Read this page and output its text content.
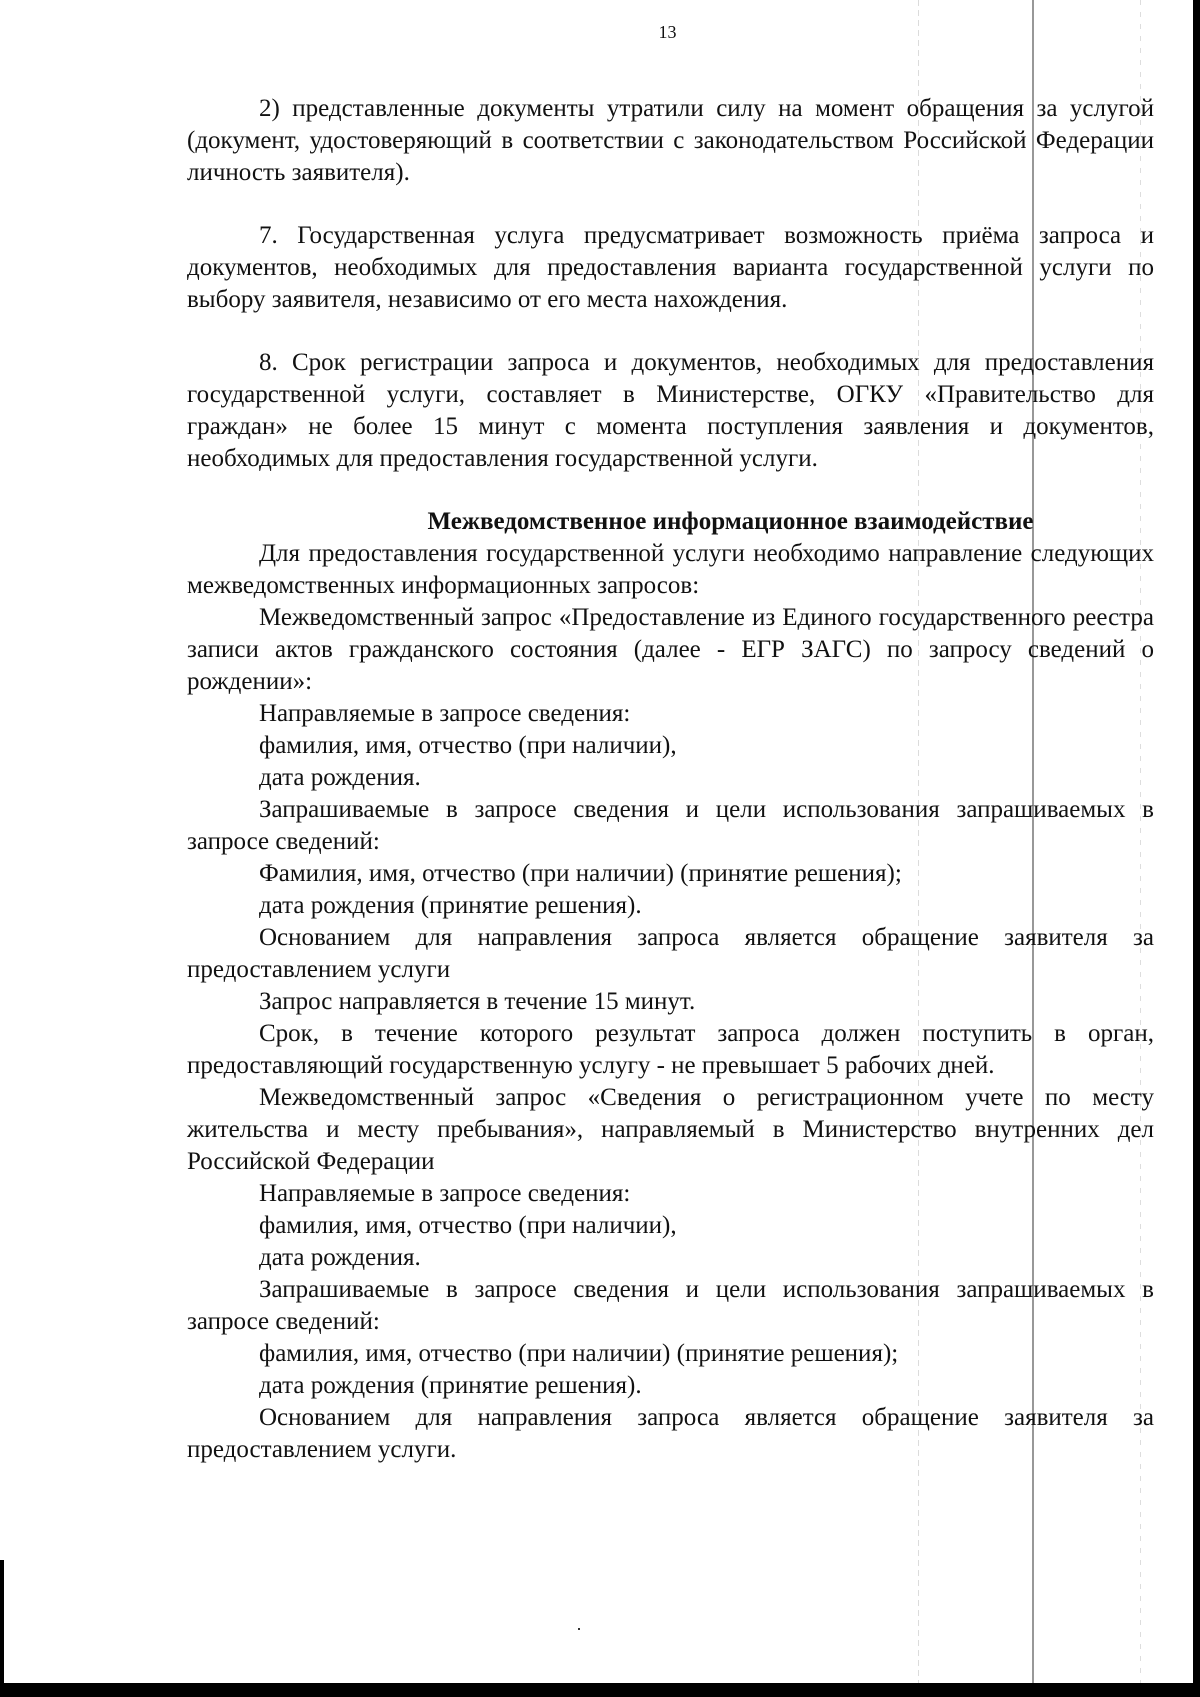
13

2) представленные документы утратили силу на момент обращения за услугой (документ, удостоверяющий в соответствии с законодательством Российской Федерации личность заявителя).

7. Государственная услуга предусматривает возможность приёма запроса и документов, необходимых для предоставления варианта государственной услуги по выбору заявителя, независимо от его места нахождения.

8. Срок регистрации запроса и документов, необходимых для предоставления государственной услуги, составляет в Министерстве, ОГКУ «Правительство для граждан» не более 15 минут с момента поступления заявления и документов, необходимых для предоставления государственной услуги.

Межведомственное информационное взаимодействие

Для предоставления государственной услуги необходимо направление следующих межведомственных информационных запросов:

Межведомственный запрос «Предоставление из Единого государственного реестра записи актов гражданского состояния (далее - ЕГР ЗАГС) по запросу сведений о рождении»:

Направляемые в запросе сведения:

фамилия, имя, отчество (при наличии),

дата рождения.

Запрашиваемые в запросе сведения и цели использования запрашиваемых в запросе сведений:

Фамилия, имя, отчество (при наличии) (принятие решения);

дата рождения (принятие решения).

Основанием для направления запроса является обращение заявителя за предоставлением услуги

Запрос направляется в течение 15 минут.

Срок, в течение которого результат запроса должен поступить в орган, предоставляющий государственную услугу - не превышает 5 рабочих дней.

Межведомственный запрос «Сведения о регистрационном учете по месту жительства и месту пребывания», направляемый в Министерство внутренних дел Российской Федерации

Направляемые в запросе сведения:

фамилия, имя, отчество (при наличии),

дата рождения.

Запрашиваемые в запросе сведения и цели использования запрашиваемых в запросе сведений:

фамилия, имя, отчество (при наличии) (принятие решения);

дата рождения (принятие решения).

Основанием для направления запроса является обращение заявителя за предоставлением услуги.
